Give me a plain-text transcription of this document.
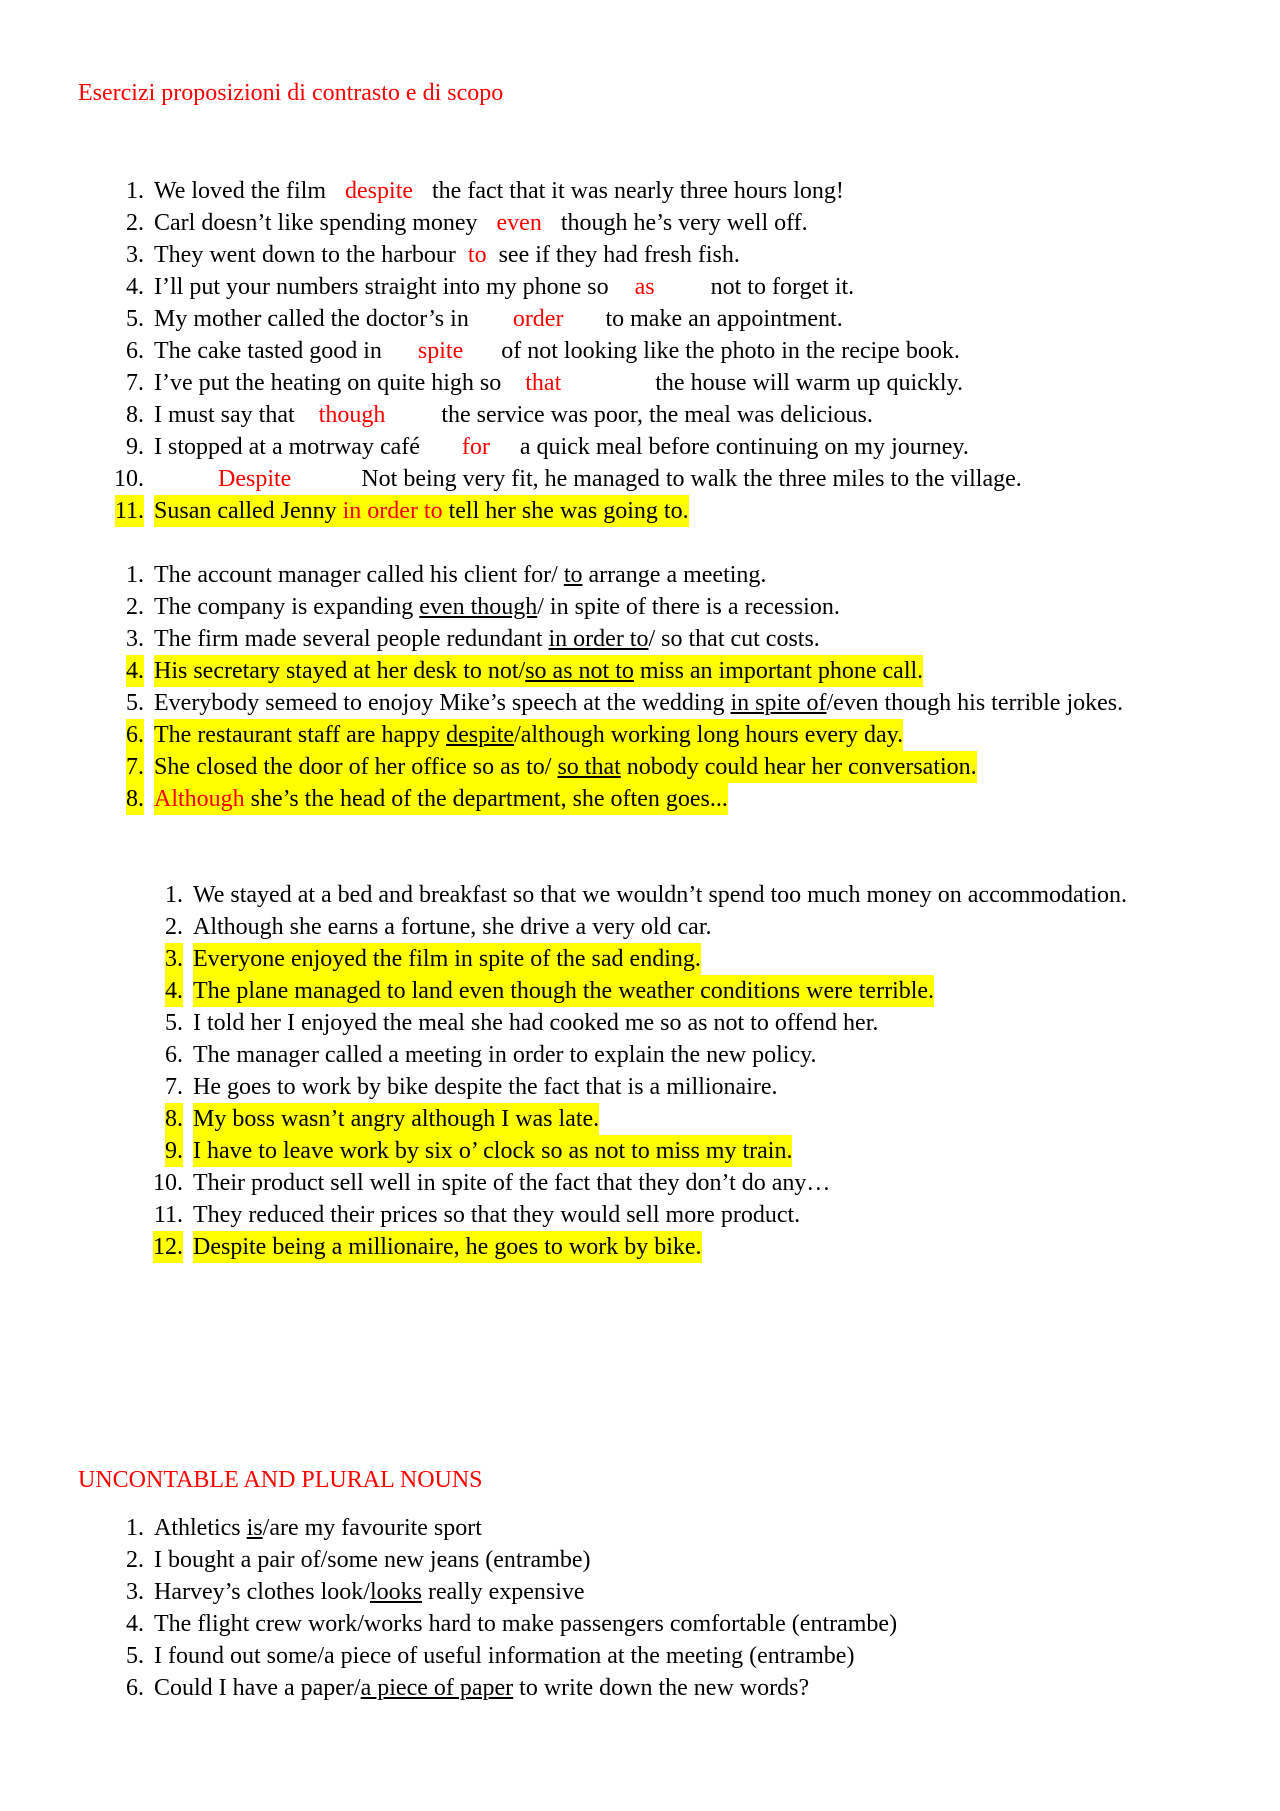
Esercizi proposizioni di contrasto e di scopo
1. We loved the film despite the fact that it was nearly three hours long!
2. Carl doesn’t like spending money even though he’s very well off.
3. They went down to the harbour to see if they had fresh fish.
4. I’ll put your numbers straight into my phone so as not to forget it.
5. My mother called the doctor’s in order to make an appointment.
6. The cake tasted good in spite of not looking like the photo in the recipe book.
7. I’ve put the heating on quite high so that	the house will warm up quickly.
8. I must say that though the service was poor, the meal was delicious.
9. I stopped at a motrway café for a quick meal before continuing on my journey.
10.	Despite	Not being very fit, he managed to walk the three miles to the village.
11. Susan called Jenny in order to tell her she was going to.
1. The account manager called his client for/ to arrange a meeting.
2. The company is expanding even though/ in spite of there is a recession.
3. The firm made several people redundant in order to/ so that cut costs.
4. His secretary stayed at her desk to not/so as not to miss an important phone call.
5. Everybody semeed to enojoy Mike’s speech at the wedding in spite of/even though his terrible jokes.
6. The restaurant staff are happy despite/although working long hours every day.
7. She closed the door of her office so as to/ so that nobody could hear her conversation.
8. Although she’s the head of the department, she often goes...
1. We stayed at a bed and breakfast so that we wouldn’t spend too much money on accommodation.
2. Although she earns a fortune, she drive a very old car.
3. Everyone enjoyed the film in spite of the sad ending.
4. The plane managed to land even though the weather conditions were terrible.
5. I told her I enjoyed the meal she had cooked me so as not to offend her.
6. The manager called a meeting in order to explain the new policy.
7. He goes to work by bike despite the fact that is a millionaire.
8. My boss wasn’t angry although I was late.
9. I have to leave work by six o’ clock so as not to miss my train.
10. Their product sell well in spite of the fact that they don’t do any…
11. They reduced their prices so that they would sell more product.
12. Despite being a millionaire, he goes to work by bike.
UNCONTABLE AND PLURAL NOUNS
1. Athletics is/are my favourite sport
2. I bought a pair of/some new jeans (entrambe)
3. Harvey’s clothes look/looks really expensive
4. The flight crew work/works hard to make passengers comfortable (entrambe)
5. I found out some/a piece of useful information at the meeting (entrambe)
6. Could I have a paper/a piece of paper to write down the new words?
